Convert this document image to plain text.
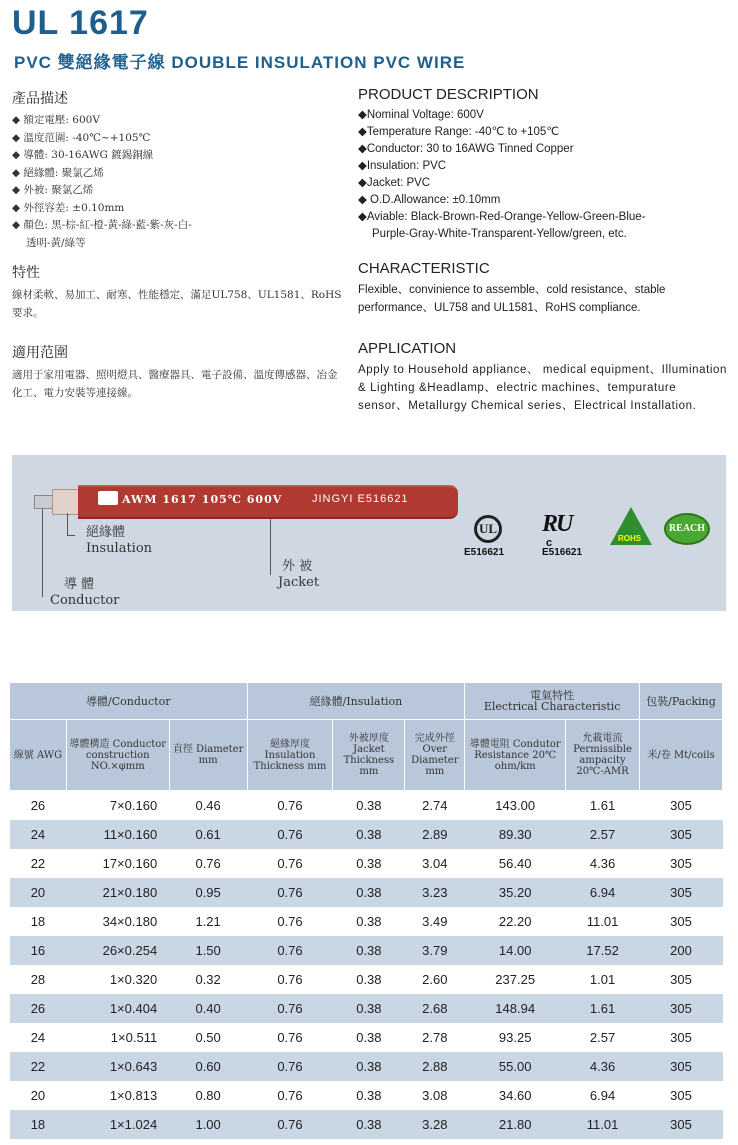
UL 1617
PVC 雙絕緣電子線 DOUBLE INSULATION PVC WIRE
產品描述
◆ 額定電壓: 600V
◆ 溫度范圍: -40℃~+105℃
◆ 導體: 30-16AWG 鍍錫銅線
◆ 絕緣體: 聚氯乙烯
◆ 外被: 聚氯乙烯
◆ 外徑容差: ±0.10mm
◆ 顏色: 黑-棕-紅-橙-黃-綠-藍-紫-灰-白-
透明-黃/綠等
PRODUCT DESCRIPTION
◆Nominal Voltage: 600V
◆Temperature Range: -40℃ to +105℃
◆Conductor: 30 to 16AWG Tinned Copper
◆Insulation: PVC
◆Jacket: PVC
◆ O.D.Allowance: ±0.10mm
◆Aviable: Black-Brown-Red-Orange-Yellow-Green-Blue-
Purple-Gray-White-Transparent-Yellow/green, etc.
特性
線材柔軟、易加工、耐寒、性能穩定、滿足UL758、UL1581、RoHS要求。
CHARACTERISTIC
Flexible、convinience to assemble、cold resistance、stable performance、UL758 and UL1581、RoHS compliance.
適用范圍
適用于家用電器、照明燈具、醫療器具、電子設備、溫度傳感器、冶金化工、電力安裝等連接線。
APPLICATION
Apply to Household appliance、 medical equipment、Illumination & Lighting &Headlamp、electric machines、tempurature sensor、Metallurgy Chemical series、Electrical Installation.
AWM 1617 105℃ 600V	JINGYI E516621
絕緣體
Insulation
導 體
Conductor
外 被
Jacket
UL
E516621
RU
c
E516621
ROHS
REACH
導體/Conductor			絕緣體/Insulation			電氣特性
Electrical Characteristic		包裝/Packing
線號 AWG	導體構造 Conductor construction NO.×φmm	直徑 Diameter mm	絕緣厚度 Insulation Thickness mm	外被厚度 Jacket Thickness mm	完成外徑 Over Diameter mm	導體電阻 Condutor Resistance 20℃ ohm/km	允載電流 Permissible ampacity 20℃-AMR	米/卷 Mt/coils
26	7×0.160	0.46	0.76	0.38	2.74	143.00	1.61	305
24	11×0.160	0.61	0.76	0.38	2.89	89.30	2.57	305
22	17×0.160	0.76	0.76	0.38	3.04	56.40	4.36	305
20	21×0.180	0.95	0.76	0.38	3.23	35.20	6.94	305
18	34×0.180	1.21	0.76	0.38	3.49	22.20	11.01	305
16	26×0.254	1.50	0.76	0.38	3.79	14.00	17.52	200
28	1×0.320	0.32	0.76	0.38	2.60	237.25	1.01	305
26	1×0.404	0.40	0.76	0.38	2.68	148.94	1.61	305
24	1×0.511	0.50	0.76	0.38	2.78	93.25	2.57	305
22	1×0.643	0.60	0.76	0.38	2.88	55.00	4.36	305
20	1×0.813	0.80	0.76	0.38	3.08	34.60	6.94	305
18	1×1.024	1.00	0.76	0.38	3.28	21.80	11.01	305
